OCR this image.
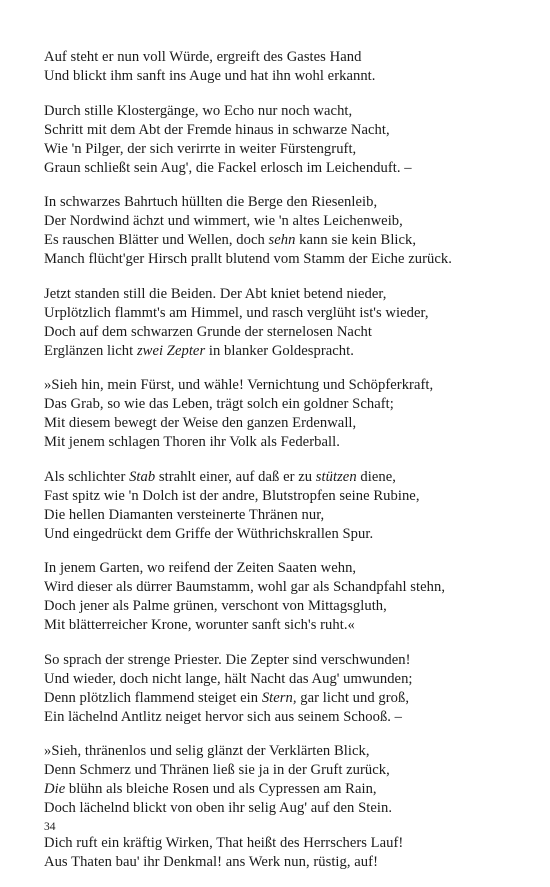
Auf steht er nun voll Würde, ergreift des Gastes Hand
Und blickt ihm sanft ins Auge und hat ihn wohl erkannt.
Durch stille Klostergänge, wo Echo nur noch wacht,
Schritt mit dem Abt der Fremde hinaus in schwarze Nacht,
Wie 'n Pilger, der sich verirrte in weiter Fürstengruft,
Graun schließt sein Aug', die Fackel erlosch im Leichenduft. –
In schwarzes Bahrtuch hüllten die Berge den Riesenleib,
Der Nordwind ächzt und wimmert, wie 'n altes Leichenweib,
Es rauschen Blätter und Wellen, doch sehn kann sie kein Blick,
Manch flücht'ger Hirsch prallt blutend vom Stamm der Eiche zurück.
Jetzt standen still die Beiden. Der Abt kniet betend nieder,
Urplötzlich flammt's am Himmel, und rasch verglüht ist's wieder,
Doch auf dem schwarzen Grunde der sternelosen Nacht
Erglänzen licht zwei Zepter in blanker Goldespracht.
»Sieh hin, mein Fürst, und wähle! Vernichtung und Schöpferkraft,
Das Grab, so wie das Leben, trägt solch ein goldner Schaft;
Mit diesem bewegt der Weise den ganzen Erdenwall,
Mit jenem schlagen Thoren ihr Volk als Federball.
Als schlichter Stab strahlt einer, auf daß er zu stützen diene,
Fast spitz wie 'n Dolch ist der andre, Blutstropfen seine Rubine,
Die hellen Diamanten versteinerte Thränen nur,
Und eingedrückt dem Griffe der Wüthrichskrallen Spur.
In jenem Garten, wo reifend der Zeiten Saaten wehn,
Wird dieser als dürrer Baumstamm, wohl gar als Schandpfahl stehn,
Doch jener als Palme grünen, verschont von Mittagsgluth,
Mit blätterreicher Krone, worunter sanft sich's ruht.«
So sprach der strenge Priester. Die Zepter sind verschwunden!
Und wieder, doch nicht lange, hält Nacht das Aug' umwunden;
Denn plötzlich flammend steiget ein Stern, gar licht und groß,
Ein lächelnd Antlitz neiget hervor sich aus seinem Schooß. –
»Sieh, thränenlos und selig glänzt der Verklärten Blick,
Denn Schmerz und Thränen ließ sie ja in der Gruft zurück,
Die blühn als bleiche Rosen und als Cypressen am Rain,
Doch lächelnd blickt von oben ihr selig Aug' auf den Stein.
Dich ruft ein kräftig Wirken, That heißt des Herrschers Lauf!
Aus Thaten bau' ihr Denkmal! ans Werk nun, rüstig, auf!
34
